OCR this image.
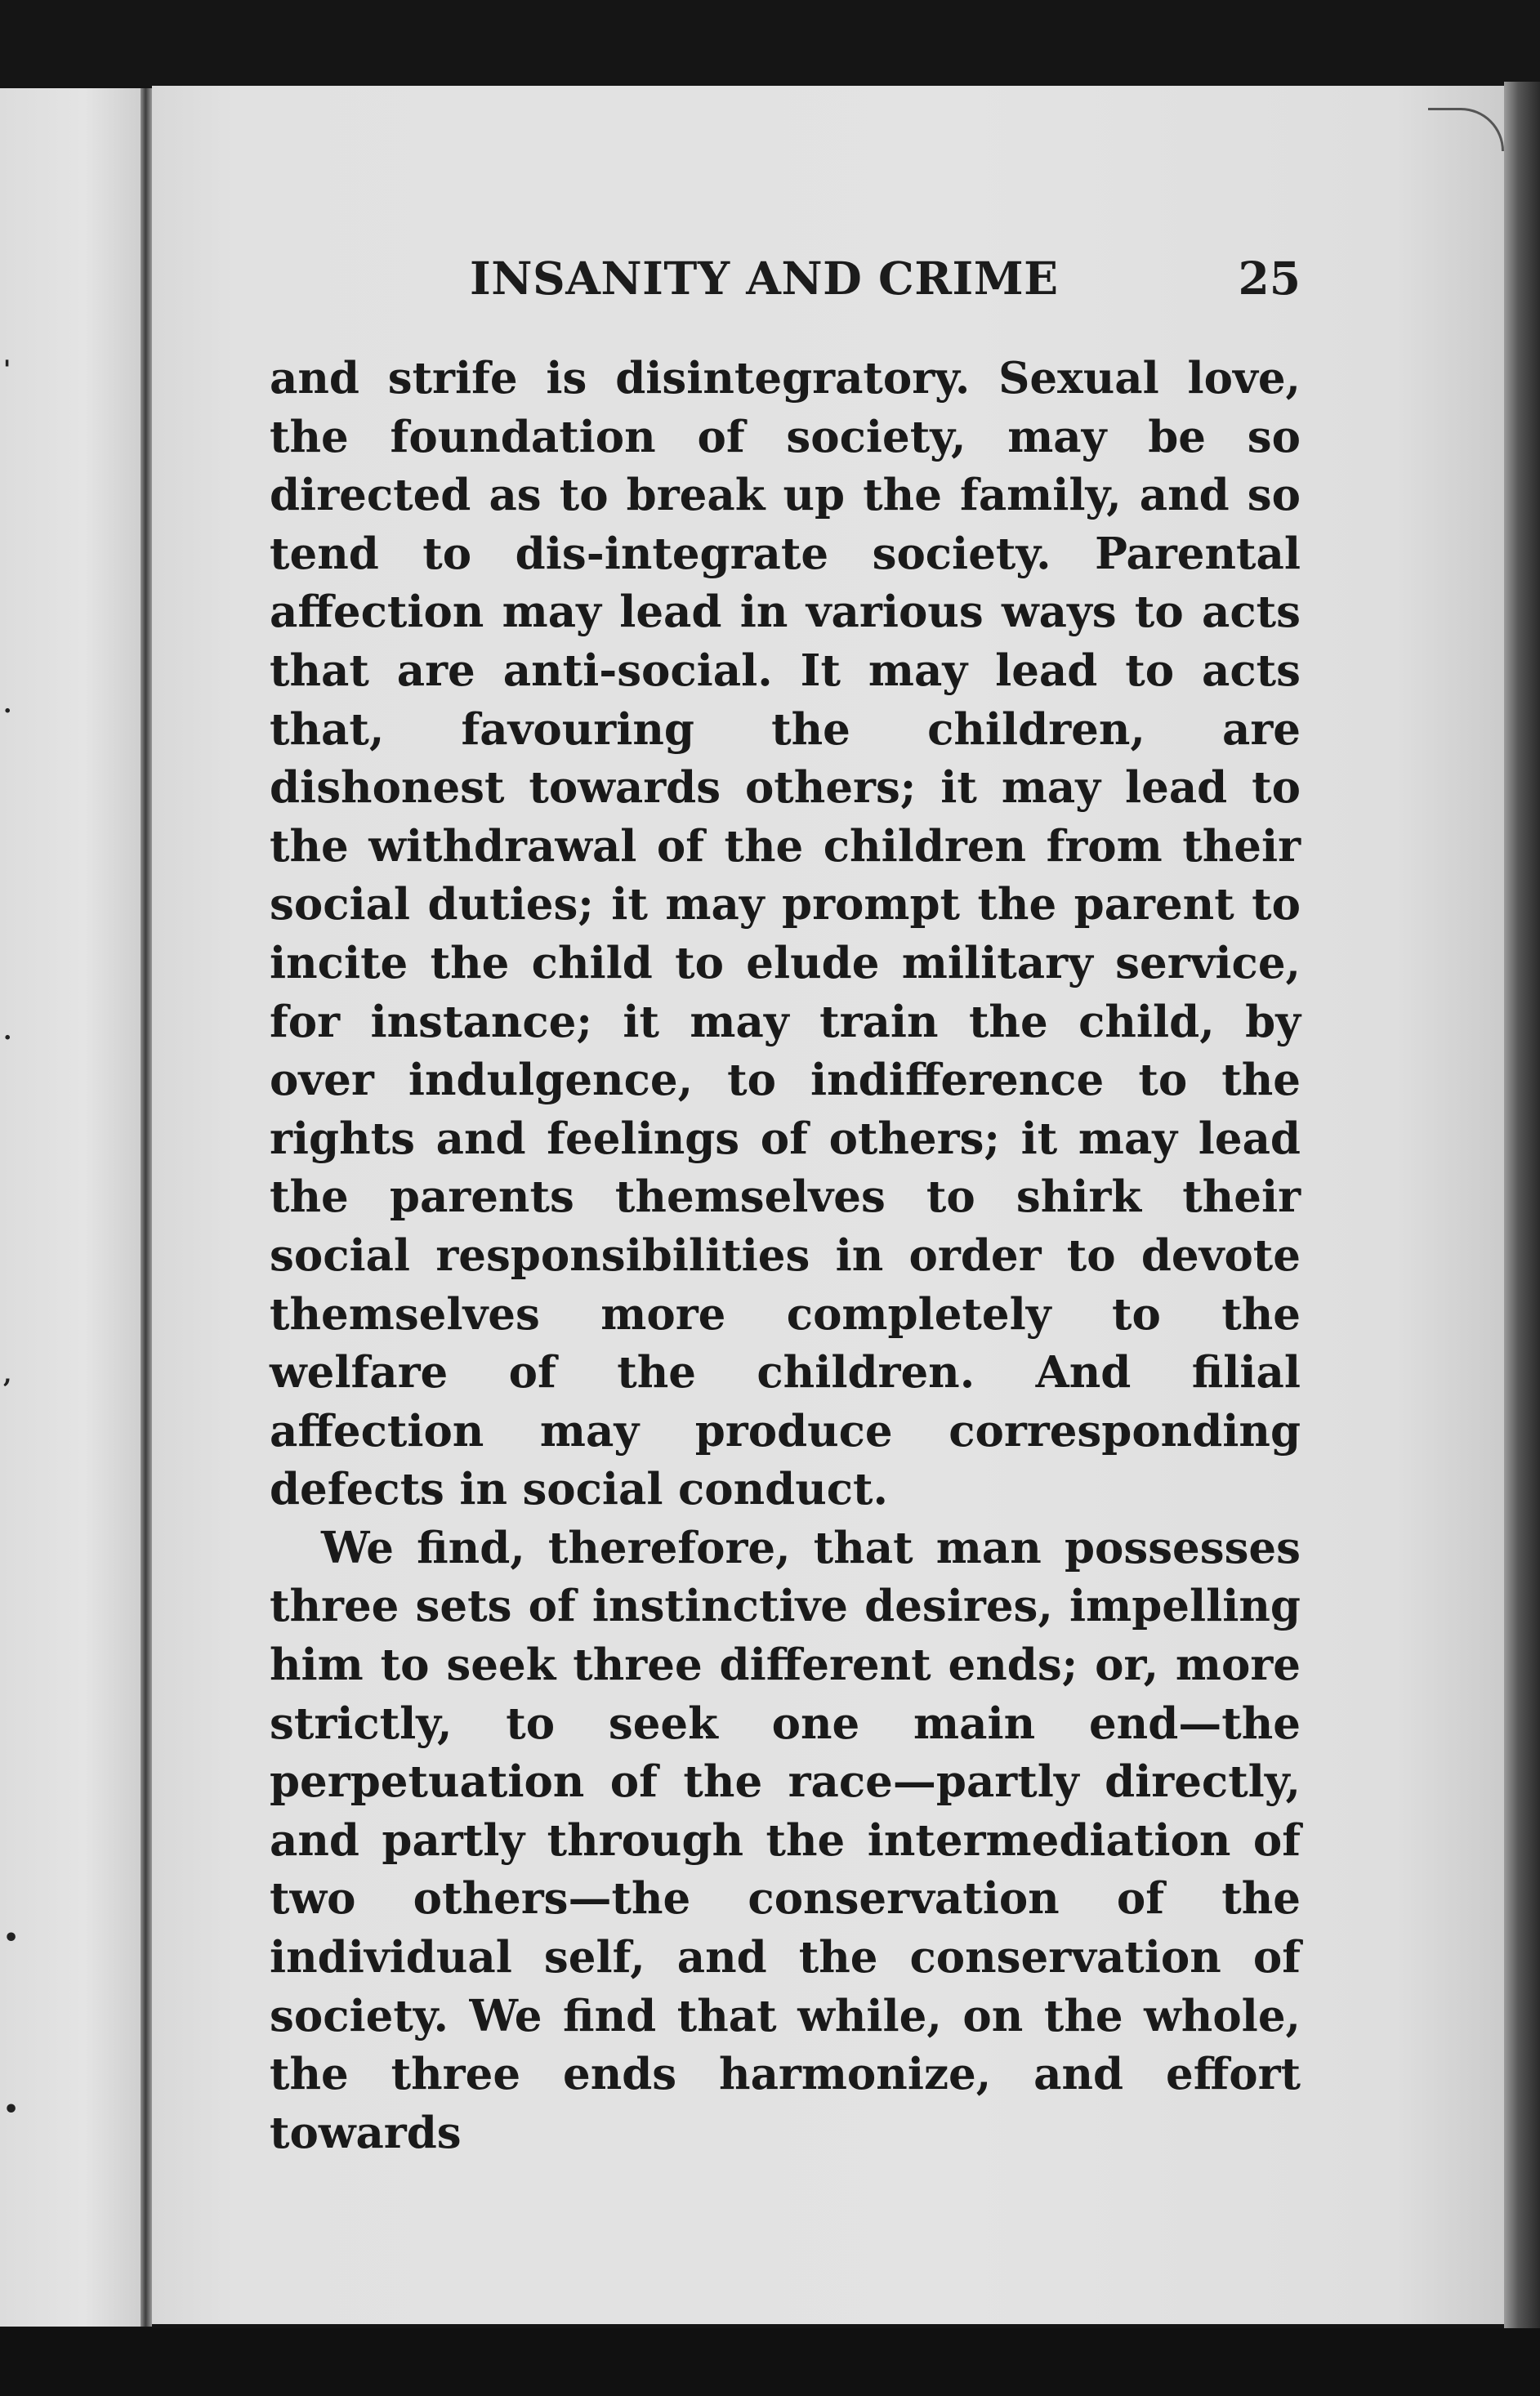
'
.
.
,
•
•
INSANITY AND CRIME	25

and strife is disintegratory. Sexual love, the foundation of society, may be so directed as to break up the family, and so tend to dis-integrate society. Parental affection may lead in various ways to acts that are anti-social. It may lead to acts that, favouring the children, are dishonest towards others; it may lead to the withdrawal of the children from their social duties; it may prompt the parent to incite the child to elude military service, for instance; it may train the child, by over indulgence, to indifference to the rights and feelings of others; it may lead the parents themselves to shirk their social responsibilities in order to devote themselves more completely to the welfare of the children. And filial affection may produce corresponding defects in social conduct.

We find, therefore, that man possesses three sets of instinctive desires, impelling him to seek three different ends; or, more strictly, to seek one main end—the perpetuation of the race—partly directly, and partly through the intermediation of two others—the conservation of the individual self, and the conservation of society. We find that while, on the whole, the three ends harmonize, and effort towards
